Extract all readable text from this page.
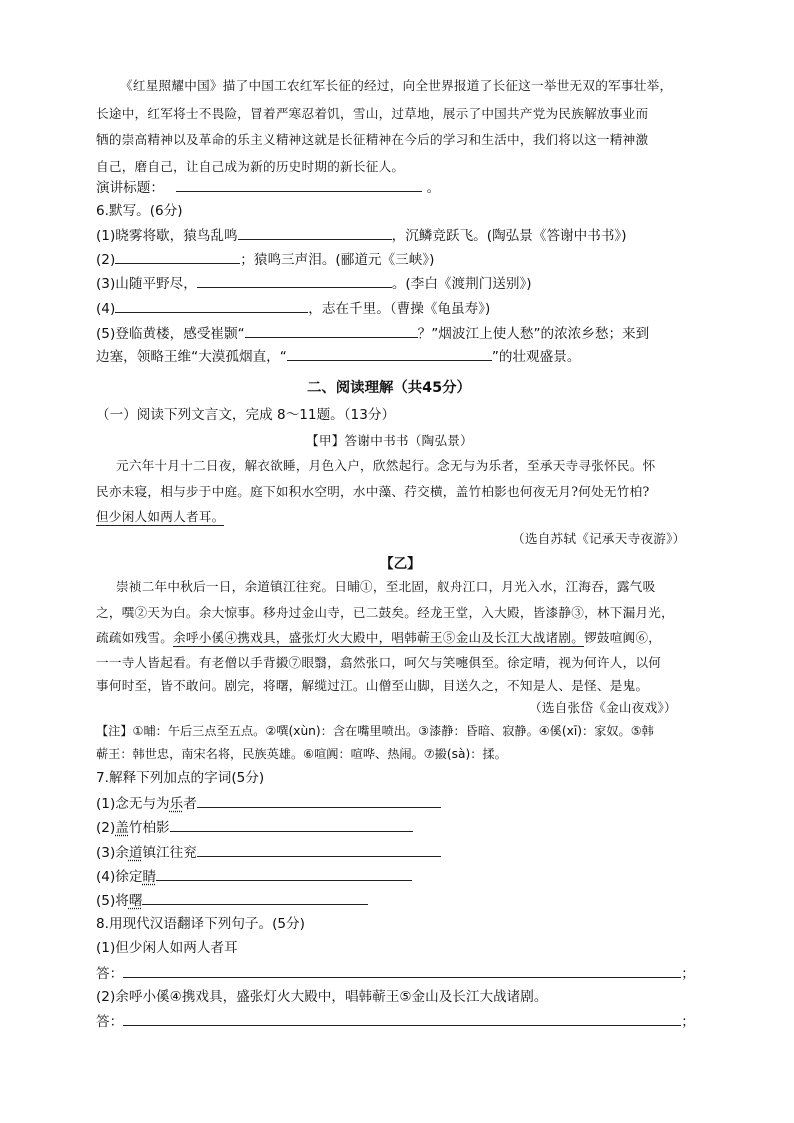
《红星照耀中国》描了中国工农红军长征的经过，向全世界报道了长征这一举世无双的军事壮举，
长途中，红军将士不畏险，冒着严寒忍着饥，雪山，过草地，展示了中国共产党为民族解放事业而
牺的崇高精神以及革命的乐主义精神这就是长征精神在今后的学习和生活中，我们将以这一精神激
自己，磨自己，让自己成为新的历史时期的新长征人。
演讲标题：	。
6.默写。(6分)
(1)晓雾将歇，猿鸟乱鸣	，沉鳞竞跃飞。(陶弘景《答谢中书书》)
(2)	；猿鸣三声泪。(郦道元《三峡》)
(3)山随平野尽，	。(李白《渡荆门送别》)
(4)	，志在千里。（曹操《龟虽寿》)
(5)登临黄楼，感受崔颢“	？”烟波江上使人愁”的浓浓乡愁；来到
边塞，领略王维“大漠孤烟直，“	”的壮观盛景。
二、阅读理解（共45分）
（一）阅读下列文言文，完成 8～11题。（13分）
【甲】答谢中书书（陶弘景）
元六年十月十二日夜，解衣欲睡，月色入户，欣然起行。念无与为乐者，至承天寺寻张怀民。怀
民亦未寝，相与步于中庭。庭下如积水空明，水中藻、荇交横，盖竹柏影也何夜无月?何处无竹柏?
但少闲人如两人者耳。
（选自苏轼《记承天寺夜游》）
【乙】
崇祯二年中秋后一日，余道镇江往兖。日晡①，至北固，舣舟江口，月光入水，江海吞，露气吸
之，噀②天为白。余大惊事。移舟过金山寺，已二鼓矣。经龙王堂，入大殿，皆漆静③，林下漏月光，
疏疏如残雪。余呼小傒④携戏具，盛张灯火大殿中，唱韩蕲王⑤金山及长江大战诸剧。锣鼓喧阗⑥，
一一寺人皆起看。有老僧以手背摋⑦眼翳，翕然张口，呵欠与笑嚏俱至。徐定晴，视为何许人，以何
事何时至，皆不敢问。剧完，将曙，解缆过江。山僧至山脚，目送久之，不知是人、是怪、是鬼。
（选自张岱《金山夜戏》）
【注】①晡：午后三点至五点。②噀(xùn)：含在嘴里喷出。③漆静：昏暗、寂静。④傒(xī)：家奴。⑤韩
蕲王：韩世忠，南宋名将，民族英雄。⑥喧阗：喧哗、热闹。⑦摋(sà)：揉。
7.解释下列加点的字词(5分)
(1)念无与为乐者
(2)盖竹柏影
(3)余道镇江往兖
(4)徐定睛
(5)将曙
8.用现代汉语翻译下列句子。(5分)
(1)但少闲人如两人者耳
答：	；
(2)余呼小傒④携戏具，盛张灯火大殿中，唱韩蕲王⑤金山及长江大战诸剧。
答：	；
